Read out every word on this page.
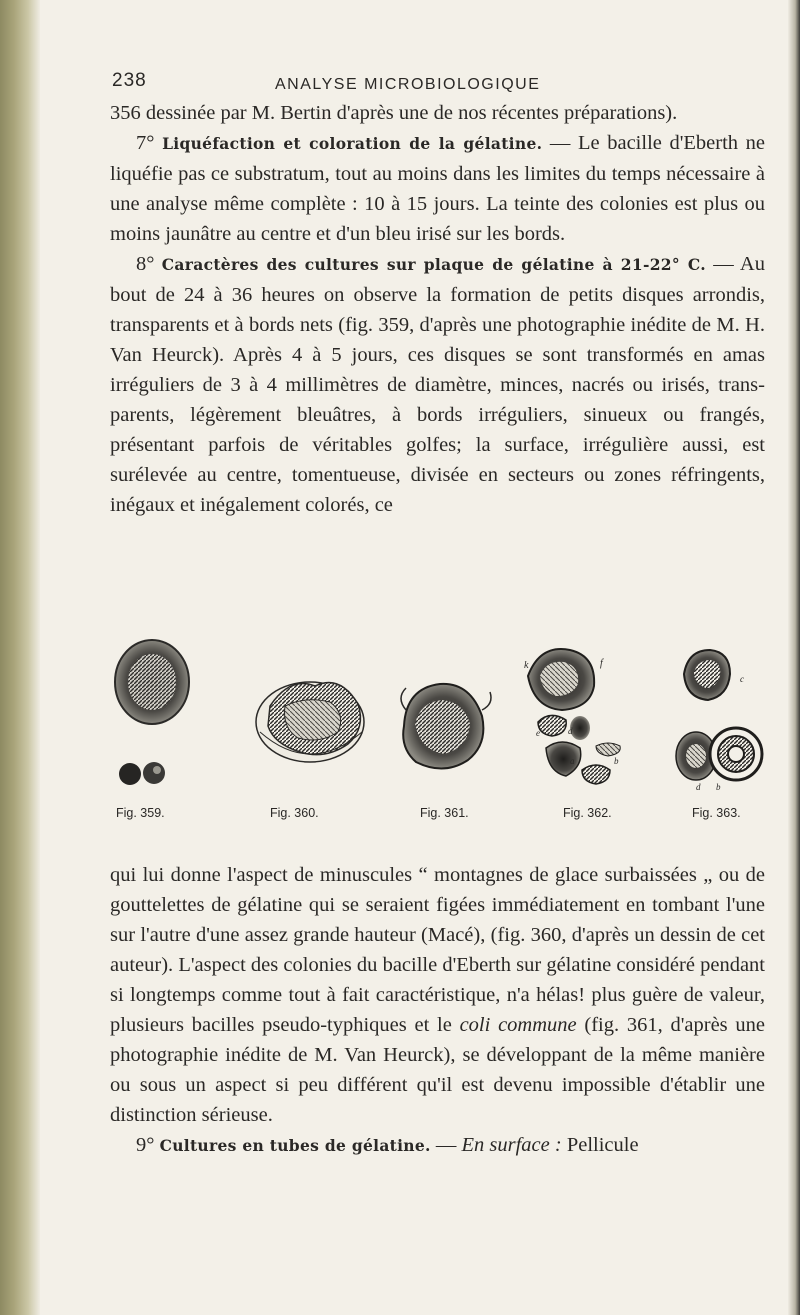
238	ANALYSE MICROBIOLOGIQUE

356 dessinée par M. Bertin d'après une de nos récentes préparations).

7° Liquéfaction et coloration de la gélatine. — Le bacille d'Eberth ne liquéfie pas ce substratum, tout au moins dans les limites du temps nécessaire à une analyse même complète : 10 à 15 jours. La teinte des colonies est plus ou moins jaunâtre au centre et d'un bleu irisé sur les bords.

8° Caractères des cultures sur plaque de gélatine à 21-22° C. — Au bout de 24 à 36 heures on observe la formation de petits disques arrondis, transparents et à bords nets (fig. 359, d'après une photographie inédite de M. H. Van Heurck). Après 4 à 5 jours, ces disques se sont transformés en amas irréguliers de 3 à 4 millimètres de diamètre, minces, nacrés ou irisés, transparents, légèrement bleuâtres, à bords irréguliers, sinueux ou frangés, présentant parfois de véritables golfes; la surface, irrégulière aussi, est surélevée au centre, tomentueuse, divisée en secteurs ou zones réfringents, inégaux et inégalement colorés, ce

k	f
e	d
a	b
c
d b
Fig. 359.	Fig. 360.	Fig. 361.	Fig. 362.	Fig. 363.

qui lui donne l'aspect de minuscules “ montagnes de glace surbaissées „ ou de gouttelettes de gélatine qui se seraient figées immédiatement en tombant l'une sur l'autre d'une assez grande hauteur (Macé), (fig. 360, d'après un dessin de cet auteur). L'aspect des colonies du bacille d'Eberth sur gélatine considéré pendant si longtemps comme tout à fait caractéristique, n'a hélas! plus guère de valeur, plusieurs bacilles pseudo-typhiques et le coli commune (fig. 361, d'après une photographie inédite de M. Van Heurck), se développant de la même manière ou sous un aspect si peu différent qu'il est devenu impossible d'établir une distinction sérieuse.

9° Cultures en tubes de gélatine. — En surface : Pellicule
